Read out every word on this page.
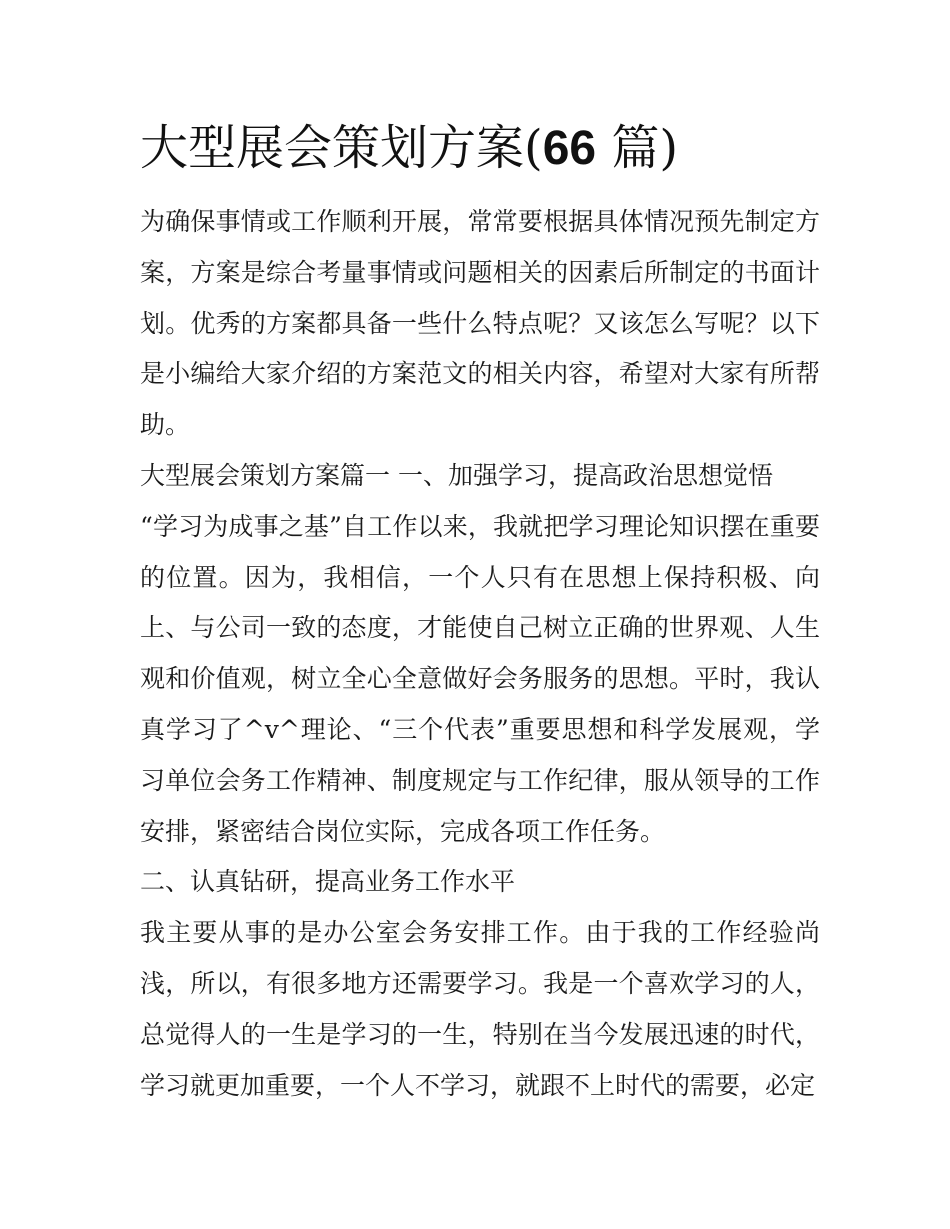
大型展会策划方案(66 篇)

为确保事情或工作顺利开展，常常要根据具体情况预先制定方案，方案是综合考量事情或问题相关的因素后所制定的书面计划。优秀的方案都具备一些什么特点呢？又该怎么写呢？以下是小编给大家介绍的方案范文的相关内容，希望对大家有所帮助。

大型展会策划方案篇一 一、加强学习，提高政治思想觉悟

“学习为成事之基”自工作以来，我就把学习理论知识摆在重要的位置。因为，我相信，一个人只有在思想上保持积极、向上、与公司一致的态度，才能使自己树立正确的世界观、人生观和价值观，树立全心全意做好会务服务的思想。平时，我认真学习了^v^理论、“三个代表”重要思想和科学发展观，学习单位会务工作精神、制度规定与工作纪律，服从领导的工作安排，紧密结合岗位实际，完成各项工作任务。

二、认真钻研，提高业务工作水平

我主要从事的是办公室会务安排工作。由于我的工作经验尚浅，所以，有很多地方还需要学习。我是一个喜欢学习的人，总觉得人的一生是学习的一生，特别在当今发展迅速的时代，学习就更加重要，一个人不学习，就跟不上时代的需要，必定
